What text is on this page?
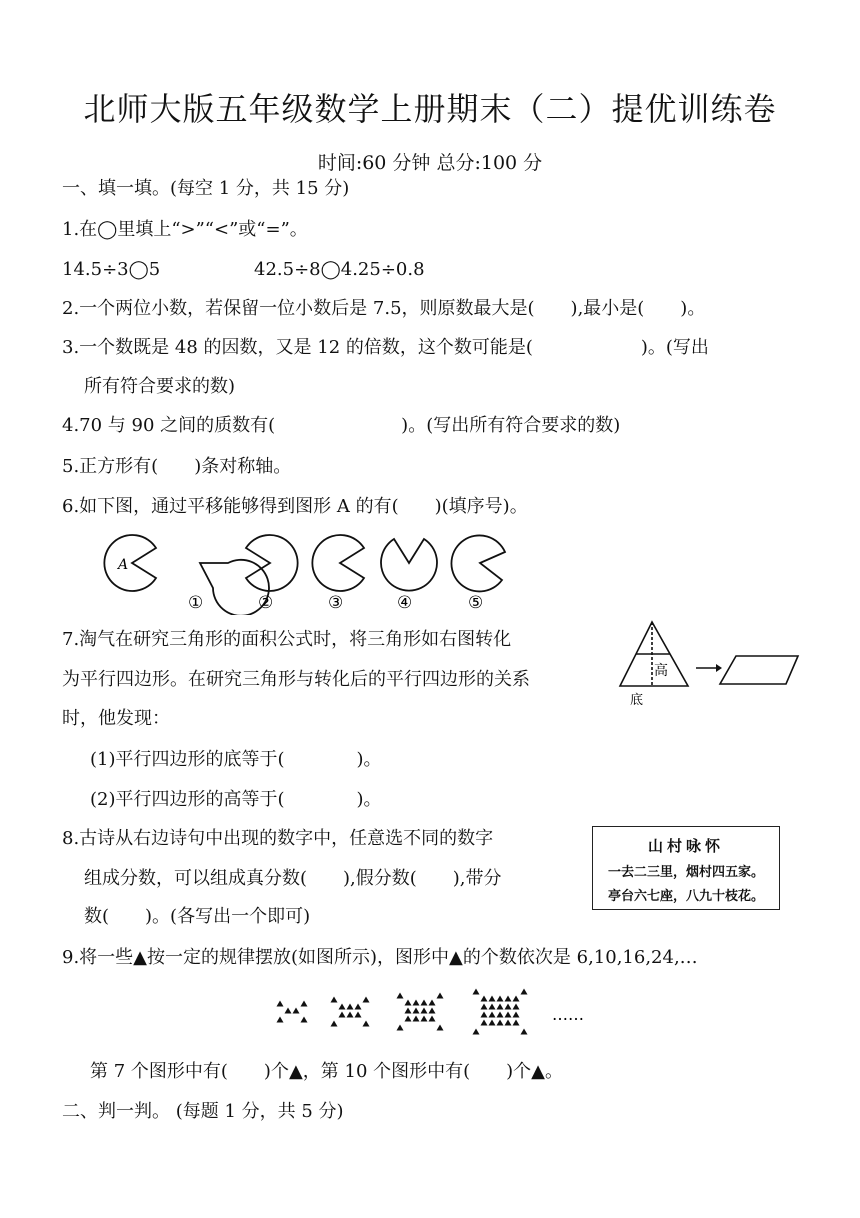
北师大版五年级数学上册期末（二）提优训练卷
时间:60 分钟 总分:100 分
一、填一填。(每空 1 分，共 15 分)
1.在◯里填上“>”“<”或“=”。
14.5÷3◯5	42.5÷8◯4.25÷0.8
2.一个两位小数，若保留一位小数后是 7.5，则原数最大是(　　),最小是(　　)。
3.一个数既是 48 的因数，又是 12 的倍数，这个数可能是(　　　　　　)。(写出
所有符合要求的数)
4.70 与 90 之间的质数有(　　　　　　　)。(写出所有符合要求的数)
5.正方形有(　　)条对称轴。
6.如下图，通过平移能够得到图形 A 的有(　　)(填序号)。
A
①	②	③	④	⑤
7.淘气在研究三角形的面积公式时，将三角形如右图转化
为平行四边形。在研究三角形与转化后的平行四边形的关系
时，他发现：
高
底
(1)平行四边形的底等于(　　　　)。
(2)平行四边形的高等于(　　　　)。
8.古诗从右边诗句中出现的数字中，任意选不同的数字
组成分数，可以组成真分数(　　),假分数(　　),带分
数(　　)。(各写出一个即可)
山村咏怀
一去二三里，烟村四五家。
亭台六七座，八九十枝花。
9.将一些▲按一定的规律摆放(如图所示)，图形中▲的个数依次是 6,10,16,24,…
……
第 7 个图形中有(　　)个▲，第 10 个图形中有(　　)个▲。
二、判一判。 (每题 1 分，共 5 分)
